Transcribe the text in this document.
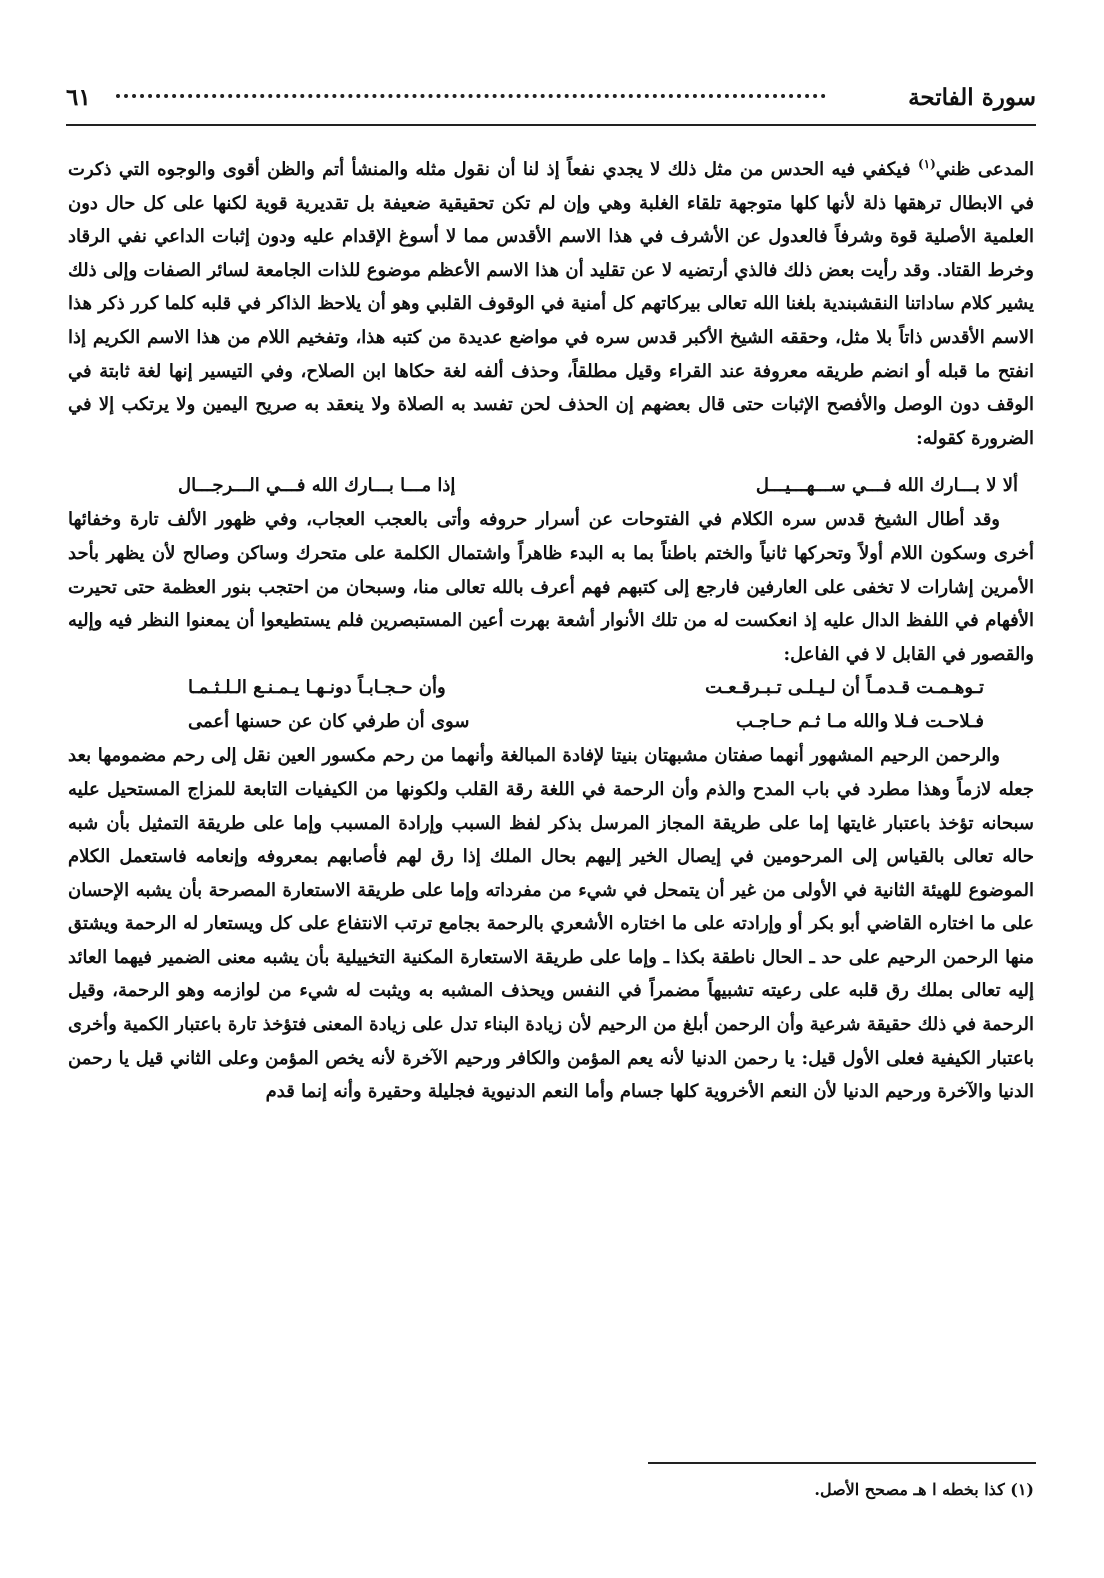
سورة الفاتحة
٦١

المدعى ظني$^{(١)}$ فيكفي فيه الحدس من مثل ذلك لا يجدي نفعاً إذ لنا أن نقول مثله والمنشأ أتم والظن أقوى والوجوه التي ذكرت في الابطال ترهقها ذلة لأنها كلها متوجهة تلقاء الغلبة وهي وإن لم تكن تحقيقية ضعيفة بل تقديرية قوية لكنها على كل حال دون العلمية الأصلية قوة وشرفاً فالعدول عن الأشرف في هذا الاسم الأقدس مما لا أسوغ الإقدام عليه ودون إثبات الداعي نفي الرقاد وخرط القتاد. وقد رأيت بعض ذلك فالذي أرتضيه لا عن تقليد أن هذا الاسم الأعظم موضوع للذات الجامعة لسائر الصفات وإلى ذلك يشير كلام ساداتنا النقشبندية بلغنا الله تعالى بيركاتهم كل أمنية في الوقوف القلبي وهو أن يلاحظ الذاكر في قلبه كلما كرر ذكر هذا الاسم الأقدس ذاتاً بلا مثل، وحققه الشيخ الأكبر قدس سره في مواضع عديدة من كتبه هذا، وتفخيم اللام من هذا الاسم الكريم إذا انفتح ما قبله أو انضم طريقه معروفة عند القراء وقيل مطلقاً، وحذف ألفه لغة حكاها ابن الصلاح، وفي التيسير إنها لغة ثابتة في الوقف دون الوصل والأفصح الإثبات حتى قال بعضهم إن الحذف لحن تفسد به الصلاة ولا ينعقد به صريح اليمين ولا يرتكب إلا في الضرورة كقوله:

ألا لا بـــارك الله فـــي ســـهـــيـــل
إذا مـــا بـــارك الله فـــي الـــرجـــال

وقد أطال الشيخ قدس سره الكلام في الفتوحات عن أسرار حروفه وأتى بالعجب العجاب، وفي ظهور الألف تارة وخفائها أخرى وسكون اللام أولاً وتحركها ثانياً والختم باطناً بما به البدء ظاهراً واشتمال الكلمة على متحرك وساكن وصالح لأن يظهر بأحد الأمرين إشارات لا تخفى على العارفين فارجع إلى كتبهم فهم أعرف بالله تعالى منا، وسبحان من احتجب بنور العظمة حتى تحيرت الأفهام في اللفظ الدال عليه إذ انعكست له من تلك الأنوار أشعة بهرت أعين المستبصرين فلم يستطيعوا أن يمعنوا النظر فيه وإليه والقصور في القابل لا في الفاعل:

تـوهـمـت قـدمـاً أن لـيـلـى تـبـرقـعـت
وأن حـجـابـاً دونـهـا يـمـنـع الـلـثـمـا
فـلاحـت فـلا والله مـا ثـم حـاجـب
سوى أن طرفي كان عن حسنها أعمى

والرحمن الرحيم المشهور أنهما صفتان مشبهتان بنيتا لإفادة المبالغة وأنهما من رحم مكسور العين نقل إلى رحم مضمومها بعد جعله لازماً وهذا مطرد في باب المدح والذم وأن الرحمة في اللغة رقة القلب ولكونها من الكيفيات التابعة للمزاج المستحيل عليه سبحانه تؤخذ باعتبار غايتها إما على طريقة المجاز المرسل بذكر لفظ السبب وإرادة المسبب وإما على طريقة التمثيل بأن شبه حاله تعالى بالقياس إلى المرحومين في إيصال الخير إليهم بحال الملك إذا رق لهم فأصابهم بمعروفه وإنعامه فاستعمل الكلام الموضوع للهيئة الثانية في الأولى من غير أن يتمحل في شيء من مفرداته وإما على طريقة الاستعارة المصرحة بأن يشبه الإحسان على ما اختاره القاضي أبو بكر أو وإرادته على ما اختاره الأشعري بالرحمة بجامع ترتب الانتفاع على كل ويستعار له الرحمة ويشتق منها الرحمن الرحيم على حد ـ الحال ناطقة بكذا ـ وإما على طريقة الاستعارة المكنية التخييلية بأن يشبه معنى الضمير فيهما العائد إليه تعالى بملك رق قلبه على رعيته تشبيهاً مضمراً في النفس ويحذف المشبه به ويثبت له شيء من لوازمه وهو الرحمة، وقيل الرحمة في ذلك حقيقة شرعية وأن الرحمن أبلغ من الرحيم لأن زيادة البناء تدل على زيادة المعنى فتؤخذ تارة باعتبار الكمية وأخرى باعتبار الكيفية فعلى الأول قيل: يا رحمن الدنيا لأنه يعم المؤمن والكافر ورحيم الآخرة لأنه يخص المؤمن وعلى الثاني قيل يا رحمن الدنيا والآخرة ورحيم الدنيا لأن النعم الأخروية كلها جسام وأما النعم الدنيوية فجليلة وحقيرة وأنه إنما قدم

(١) كذا بخطه ا هـ مصحح الأصل.
